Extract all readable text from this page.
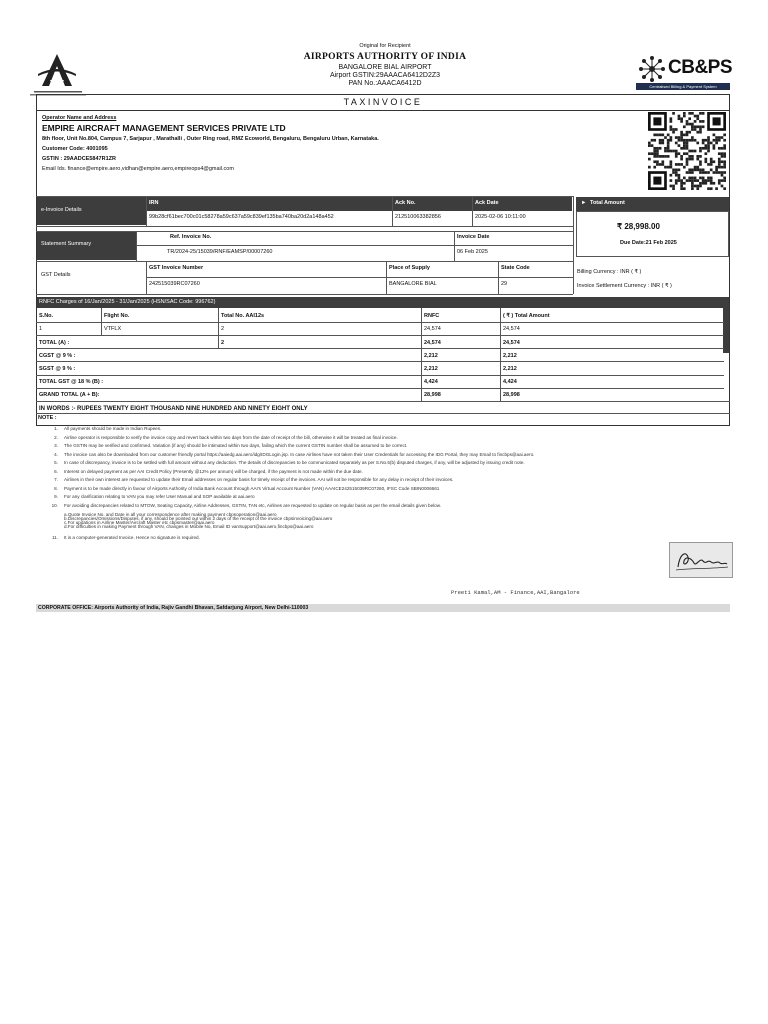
Original for Recipient
AIRPORTS AUTHORITY OF INDIA
BANGALORE BIAL AIRPORT
Airport GSTIN:29AAACA6412D2Z3
PAN No.:AAACA6412D
CB&PS
Centralised Billing & Payment System
TAXINVOICE
Operator Name and Address
EMPIRE AIRCRAFT MANAGEMENT SERVICES PRIVATE LTD
8th floor, Unit No.804, Campus 7, Sarjapur , Marathalli , Outer Ring road, RMZ Ecoworld, Bengaluru, Bengaluru Urban, Karnataka.
Customer Code: 4001095
GSTIN : 29AADCE5847R1ZR
Email Ids. finance@empire.aero,vidhan@empire.aero,empireops4@gmail.com
e-Invoice Details
IRN	Ack No.	Ack Date
99b28cf61bec700c01c58278a59c637a59c839ef135ba740ba20d2a148a452	212510063382856	2025-02-06 10:11:00
Statement Summary
Ref. Invoice No.
TR/2024-25/15039/RNF/EAMSP/00007260
Invoice Date
06 Feb 2025
GST Details
GST Invoice Number
242515039RC07260
Place of Supply
BANGALORE BIAL
State Code
29
► Total Amount
₹ 28,998.00
Due Date:21 Feb 2025
Billing Currency : INR ( ₹ )
Invoice Settlement Currency : INR ( ₹ )
RNFC Charges of 16/Jan/2025 - 31/Jan/2025 (HSN/SAC Code: 996762)
S.No.	Flight No.	Total No. AAI12s	RNFC	( ₹ ) Total Amount
1	VTFLX	2	24,574	24,574
TOTAL (A) :	2	24,574	24,574
CGST @ 9 % :	2,212	2,212
SGST @ 9 % :	2,212	2,212
TOTAL GST @ 18 % (B) :	4,424	4,424
GRAND TOTAL (A + B):	28,998	28,998
IN WORDS :- RUPEES TWENTY EIGHT THOUSAND NINE HUNDRED AND NINETY EIGHT ONLY
NOTE :
1. All payments should be made in Indian Rupees.
2. Airline operator is responsible to verify the invoice copy and revert back within two days from the date of receipt of the bill, otherwise it will be treated as final invoice.
3. The GSTIN may be verified and confirmed. Variation (if any) should be intimated within two days, failing which the current GSTIN number shall be assumed to be correct.
4. The invoice can also be downloaded from our customer friendly portal https://aaiedg.aai.aero/idg/IDGLogin.jsp. In case Airlines have not taken their User Credentials for accessing the IDG Portal, they may Email to fincbps@aai.aero.
5. In case of discrepancy, invoice is to be settled with full amount without any deduction. The details of discrepancies to be communicated separately as per S.No.5(b) disputed charges, if any, will be adjusted by issuing credit note.
6. Interest on delayed payment as per AAI Credit Policy (Presently @12% per annum) will be charged, if the payment is not made within the due date.
7. Airlines in their own interest are requested to update their Email addresses on regular basis for timely receipt of the invoices. AAI will not be responsible for any delay in receipt of their invoices.
8. Payment is to be made directly in favour of Airports Authority of India Bank Account through AAI's Virtual Account Number (VAN) AAAICE242515039RC07260, IFSC Code SBIN0006661
9. For any clarification relating to VAN you may refer User Manual and SOP available at aai.aero
10. For avoiding discrepancies related to MTOW, Seating Capacity, Airline Addresses, GSTIN, TAN etc, Airlines are requested to update on regular basis as per the email details given below.
a.Quote Invoice No. and Date in all your correspondence after making payment cbpsoperation@aai.aero
b.Discrepancies/Omissions/Disputes, if any, should be pointed out within 2 days of the receipt of the invoice cbpsinvoicing@aai.aero
c.For updations in Airline Master/Aircraft Master etc cbpsmaster@aai.aero
d.For difficulties in making Payment through VAN, changes in Mobile No, Email ID vanSupport@aai.aero,fincbps@aai.aero
11. It is a computer-generated Invoice. Hence no signature is required.
Preeti Kamal,AM - Finance,AAI,Bangalore
CORPORATE OFFICE: Airports Authority of India, Rajiv Gandhi Bhavan, Safdarjung Airport, New Delhi-110003
